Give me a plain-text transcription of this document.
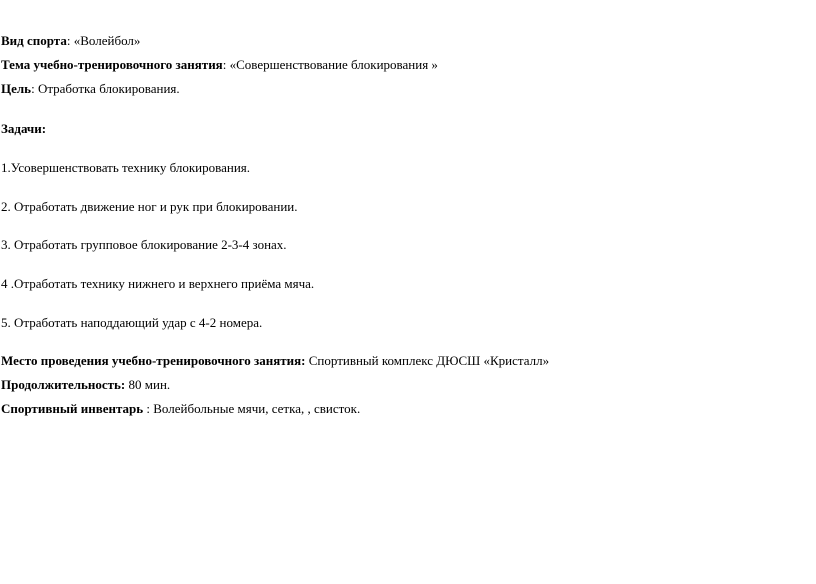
Вид спорта: «Волейбол»
Тема учебно-тренировочного занятия: «Совершенствование блокирования »
Цель: Отработка блокирования.
Задачи:
1.Усовершенствовать технику блокирования.
2. Отработать движение ног и рук при блокировании.
3. Отработать групповое блокирование 2-3-4 зонах.
4 .Отработать технику нижнего и верхнего приёма мяча.
5. Отработать наподдающий удар с 4-2 номера.
Место проведения учебно-тренировочного занятия: Спортивный комплекс ДЮСШ «Кристалл»
Продолжительность: 80 мин.
Спортивный инвентарь : Волейбольные мячи, сетка, , свисток.
